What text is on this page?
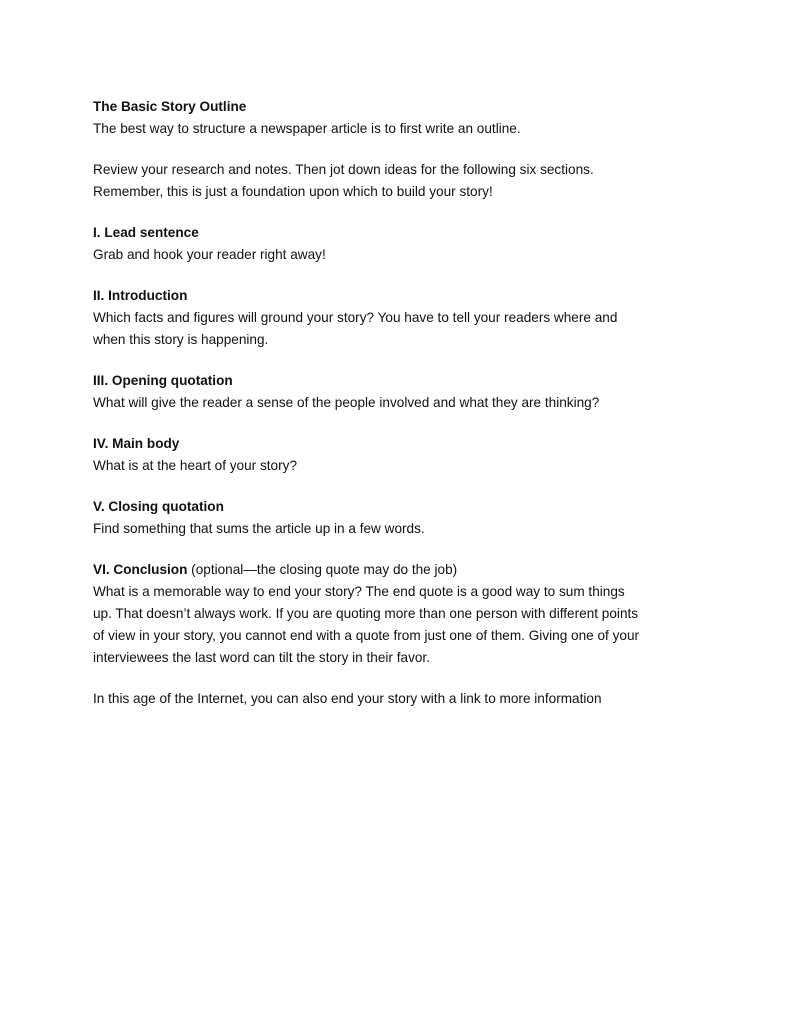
The Basic Story Outline
The best way to structure a newspaper article is to first write an outline.
Review your research and notes. Then jot down ideas for the following six sections.
Remember, this is just a foundation upon which to build your story!
I. Lead sentence
Grab and hook your reader right away!
II. Introduction
Which facts and figures will ground your story? You have to tell your readers where and
when this story is happening.
III. Opening quotation
What will give the reader a sense of the people involved and what they are thinking?
IV. Main body
What is at the heart of your story?
V. Closing quotation
Find something that sums the article up in a few words.
VI. Conclusion (optional—the closing quote may do the job)
What is a memorable way to end your story? The end quote is a good way to sum things
up. That doesn’t always work. If you are quoting more than one person with different points
of view in your story, you cannot end with a quote from just one of them. Giving one of your
interviewees the last word can tilt the story in their favor.
In this age of the Internet, you can also end your story with a link to more information
